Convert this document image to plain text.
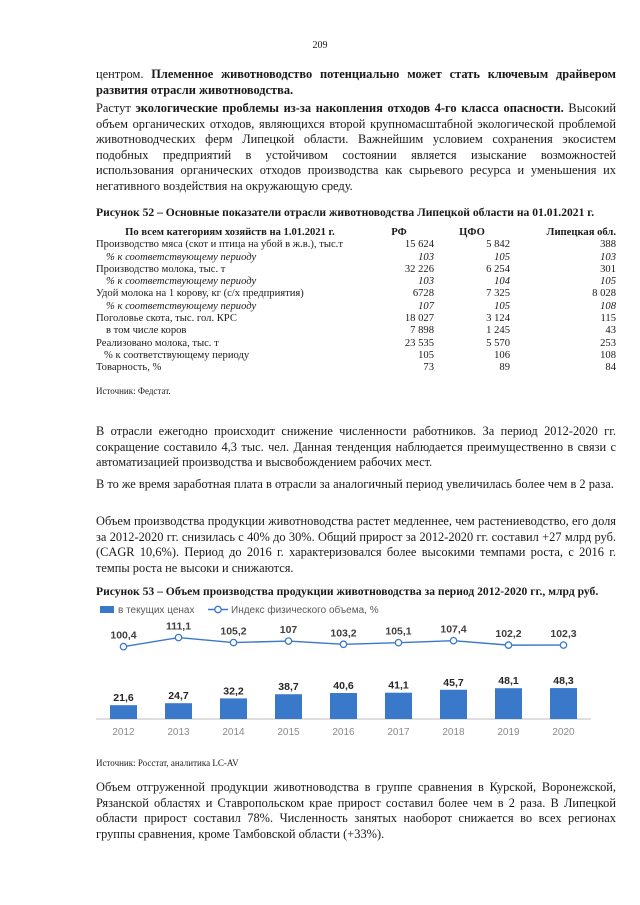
209

центром. Племенное животноводство потенциально может стать ключевым драйвером развития отрасли животноводства.

Растут экологические проблемы из-за накопления отходов 4-го класса опасности. Высокий объем органических отходов, являющихся второй крупномасштабной экологической проблемой животноводческих ферм Липецкой области. Важнейшим условием сохранения экосистем подобных предприятий в устойчивом состоянии является изыскание возможностей использования органических отходов производства как сырьевого ресурса и уменьшения их негативного воздействия на окружающую среду.

Рисунок 52 – Основные показатели отрасли животноводства Липецкой области на 01.01.2021 г.
По всем категориям хозяйств на 1.01.2021 г.	РФ	ЦФО	Липецкая обл.
Производство мяса (скот и птица на убой в ж.в.), тыс.т	15 624	5 842	388
% к соответствующему периоду	103	105	103
Производство молока, тыс. т	32 226	6 254	301
% к соответствующему периоду	103	104	105
Удой молока на 1 корову, кг (с/х предприятия)	6728	7 325	8 028
% к соответствующему периоду	107	105	108
Поголовье скота, тыс. гол. КРС	18 027	3 124	115
в том числе коров	7 898	1 245	43
Реализовано молока, тыс. т	23 535	5 570	253
% к соответствующему периоду	105	106	108
Товарность, %	73	89	84
Источник: Федстат.

В отрасли ежегодно происходит снижение численности работников. За период 2012-2020 гг. сокращение составило 4,3 тыс. чел. Данная тенденция наблюдается преимущественно в связи с автоматизацией производства и высвобождением рабочих мест.

В то же время заработная плата в отрасли за аналогичный период увеличилась более чем в 2 раза.

Объем производства продукции животноводства растет медленнее, чем растениеводство, его доля за 2012-2020 гг. снизилась с 40% до 30%. Общий прирост за 2012-2020 гг. составил +27 млрд руб. (CAGR 10,6%). Период до 2016 г. характеризовался более высокими темпами роста, с 2016 г. темпы роста не высоки и снижаются.

Рисунок 53 – Объем производства продукции животноводства за период 2012-2020 гг., млрд руб.
в текущих ценах	Индекс физического объема, %
21,6
2012
100,4
24,7
2013
111,1
32,2
2014
105,2
38,7
2015
107
40,6
2016
103,2
41,1
2017
105,1
45,7
2018
107,4
48,1
2019
102,2
48,3
2020
102,3
Источник: Росстат, аналитика LC-AV

Объем отгруженной продукции животноводства в группе сравнения в Курской, Воронежской, Рязанской областях и Ставропольском крае прирост составил более чем в 2 раза. В Липецкой области прирост составил 78%. Численность занятых наоборот снижается во всех регионах группы сравнения, кроме Тамбовской области (+33%).
